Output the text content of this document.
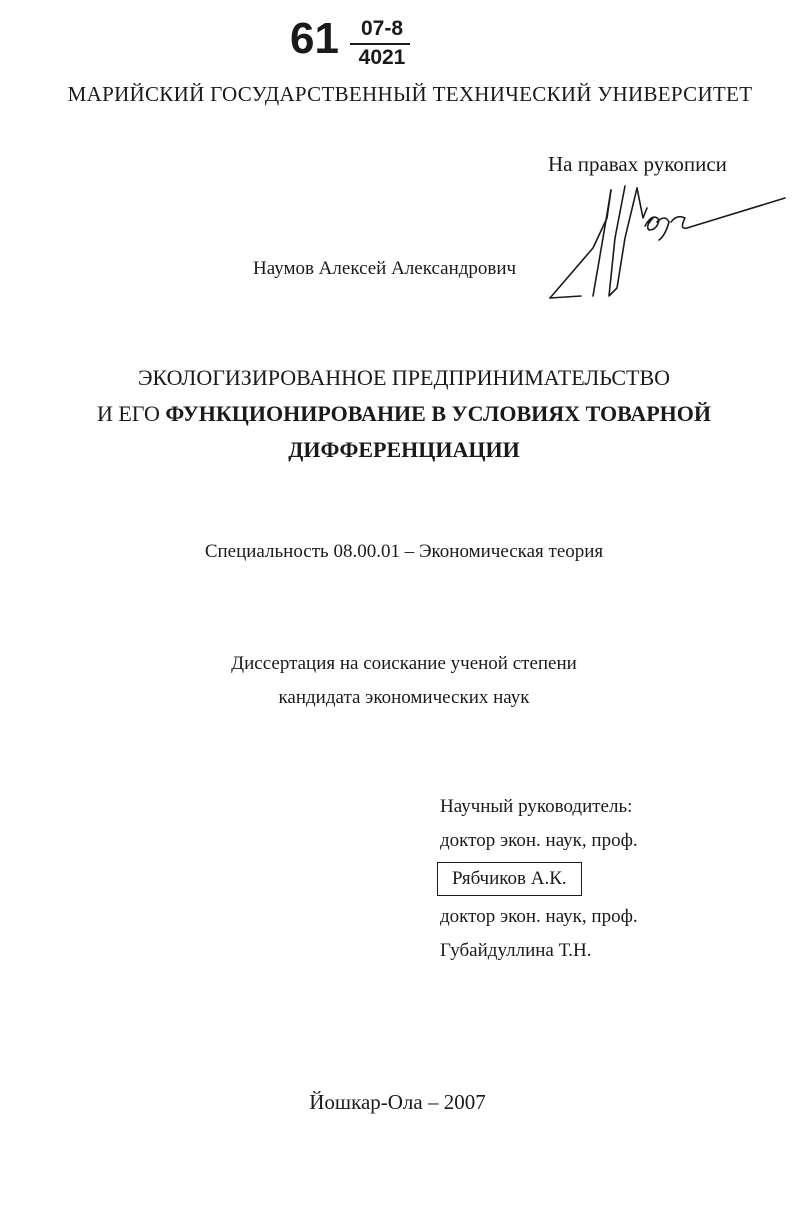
61	07-8
4021
МАРИЙСКИЙ ГОСУДАРСТВЕННЫЙ ТЕХНИЧЕСКИЙ УНИВЕРСИТЕТ
На правах рукописи
Наумов Алексей Александрович
ЭКОЛОГИЗИРОВАННОЕ ПРЕДПРИНИМАТЕЛЬСТВО
И ЕГО ФУНКЦИОНИРОВАНИЕ В УСЛОВИЯХ ТОВАРНОЙ
ДИФФЕРЕНЦИАЦИИ
Специальность 08.00.01 – Экономическая теория
Диссертация на соискание ученой степени
кандидата экономических наук
Научный руководитель:
доктор экон. наук, проф.
Рябчиков А.К.
доктор экон. наук, проф.
Губайдуллина Т.Н.
Йошкар-Ола – 2007
